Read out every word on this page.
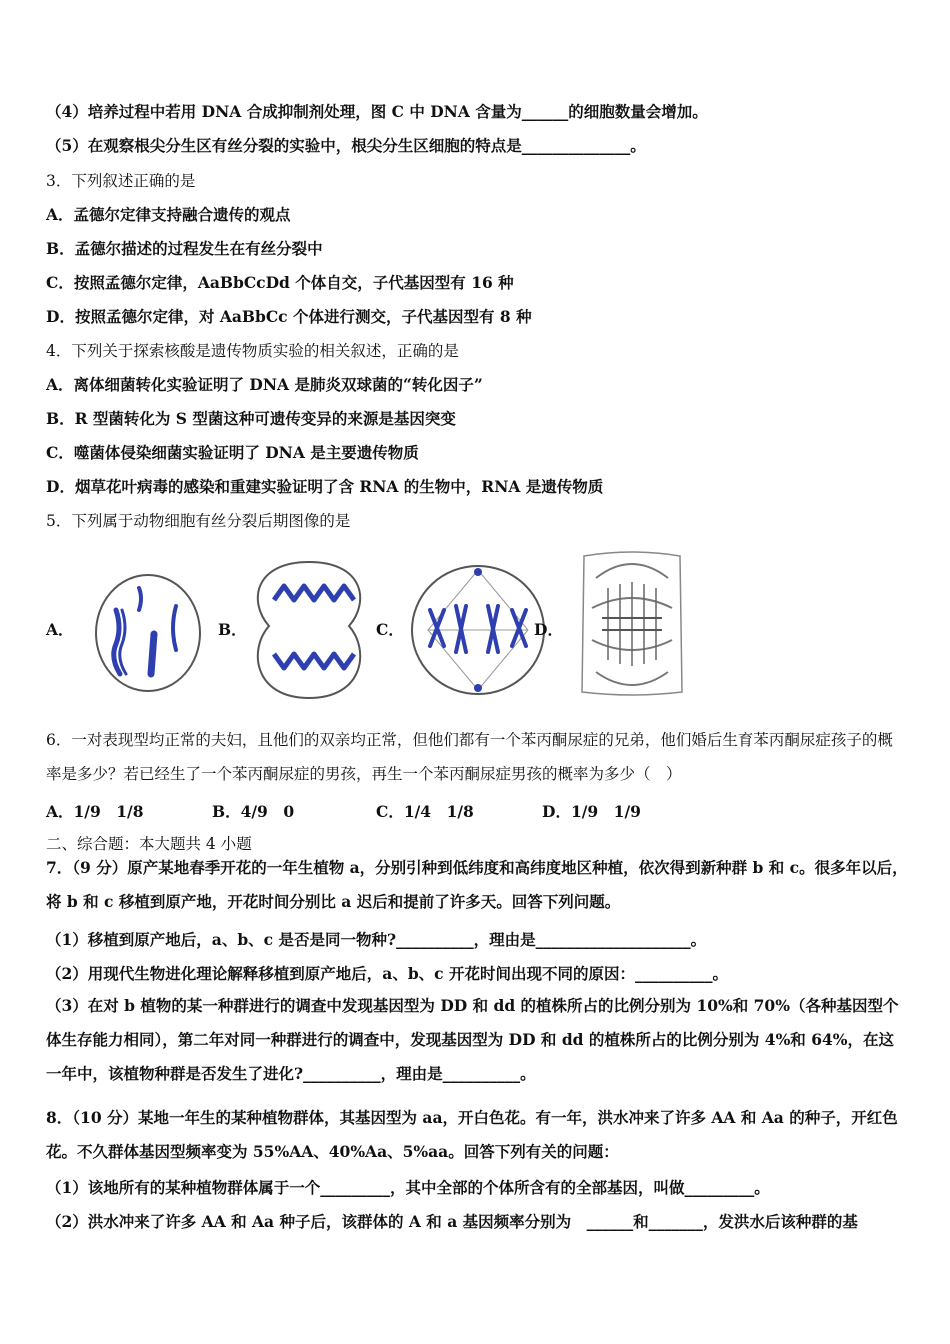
（4）培养过程中若用 DNA 合成抑制剂处理，图 C 中 DNA 含量为______的细胞数量会增加。
（5）在观察根尖分生区有丝分裂的实验中，根尖分生区细胞的特点是______________。
3．下列叙述正确的是
A．孟德尔定律支持融合遗传的观点
B．孟德尔描述的过程发生在有丝分裂中
C．按照孟德尔定律，AaBbCcDd 个体自交，子代基因型有 16 种
D．按照孟德尔定律，对 AaBbCc 个体进行测交，子代基因型有 8 种
4．下列关于探索核酸是遗传物质实验的相关叙述，正确的是
A．离体细菌转化实验证明了 DNA 是肺炎双球菌的“转化因子”
B．R 型菌转化为 S 型菌这种可遗传变异的来源是基因突变
C．噬菌体侵染细菌实验证明了 DNA 是主要遗传物质
D．烟草花叶病毒的感染和重建实验证明了含 RNA 的生物中，RNA 是遗传物质
5．下列属于动物细胞有丝分裂后期图像的是
A．	B．	C．	D．
6．一对表现型均正常的夫妇，且他们的双亲均正常，但他们都有一个苯丙酮尿症的兄弟，他们婚后生育苯丙酮尿症孩子的概率是多少？若已经生了一个苯丙酮尿症的男孩，再生一个苯丙酮尿症男孩的概率为多少（　）
A．1/9　1/8	B．4/9　0	C．1/4　1/8	D．1/9　1/9
二、综合题：本大题共 4 小题
7．（9 分）原产某地春季开花的一年生植物 a，分别引种到低纬度和高纬度地区种植，依次得到新种群 b 和 c。很多年以后，将 b 和 c 移植到原产地，开花时间分别比 a 迟后和提前了许多天。回答下列问题。
（1）移植到原产地后，a、b、c 是否是同一物种?__________，理由是____________________。
（2）用现代生物进化理论解释移植到原产地后，a、b、c 开花时间出现不同的原因：__________。
（3）在对 b 植物的某一种群进行的调查中发现基因型为 DD 和 dd 的植株所占的比例分别为 10%和 70%（各种基因型个体生存能力相同），第二年对同一种群进行的调查中，发现基因型为 DD 和 dd 的植株所占的比例分别为 4%和 64%，在这一年中，该植物种群是否发生了进化?__________，理由是__________。
8．（10 分）某地一年生的某种植物群体，其基因型为 aa，开白色花。有一年，洪水冲来了许多 AA 和 Aa 的种子，开红色花。不久群体基因型频率变为 55%AA、40%Aa、5%aa。回答下列有关的问题：
（1）该地所有的某种植物群体属于一个_________，其中全部的个体所含有的全部基因，叫做_________。
（2）洪水冲来了许多 AA 和 Aa 种子后，该群体的 A 和 a 基因频率分别为　______和_______，发洪水后该种群的基
